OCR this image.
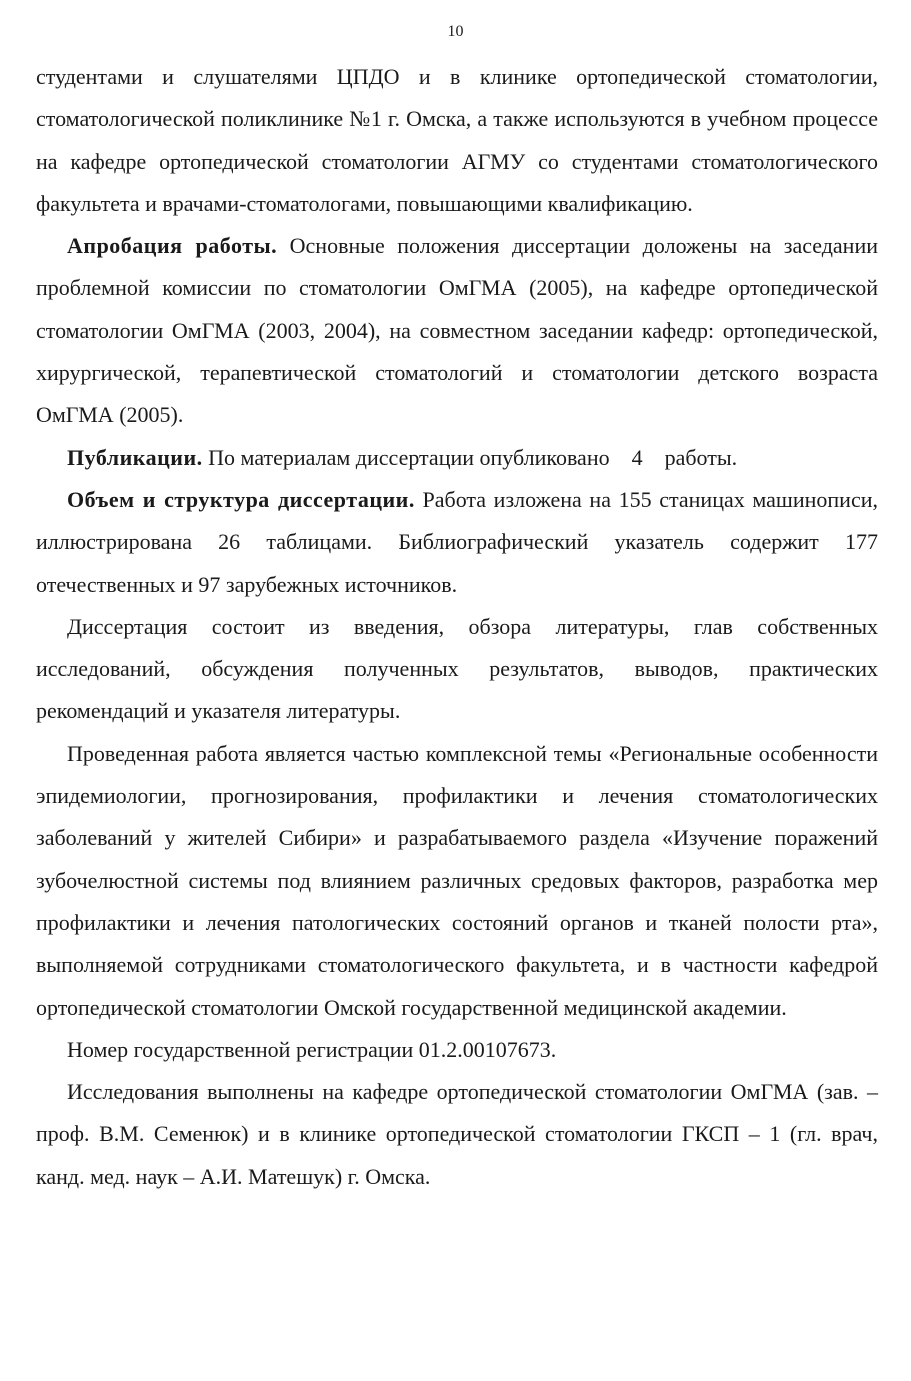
10

студентами и слушателями ЦПДО и в клинике ортопедической стоматологии, стоматологической поликлинике №1 г. Омска, а также используются в учебном процессе на кафедре ортопедической стоматологии АГМУ со студентами стоматологического факультета и врачами-стоматологами, повышающими квалификацию.

Апробация работы. Основные положения диссертации доложены на заседании проблемной комиссии по стоматологии ОмГМА (2005), на кафедре ортопедической стоматологии ОмГМА (2003, 2004), на совместном заседании кафедр: ортопедической, хирургической, терапевтической стоматологий и стоматологии детского возраста ОмГМА (2005).

Публикации. По материалам диссертации опубликовано    4    работы.

Объем и структура диссертации. Работа изложена на 155 станицах машинописи, иллюстрирована 26 таблицами. Библиографический указатель содержит 177 отечественных и 97 зарубежных источников.

Диссертация состоит из введения, обзора литературы, глав собственных исследований, обсуждения полученных результатов, выводов, практических рекомендаций и указателя литературы.

Проведенная работа является частью комплексной темы «Региональные особенности эпидемиологии, прогнозирования, профилактики и лечения стоматологических заболеваний у жителей Сибири» и разрабатываемого раздела «Изучение поражений зубочелюстной системы под влиянием различных средовых факторов, разработка мер профилактики и лечения патологических состояний органов и тканей полости рта», выполняемой сотрудниками стоматологического факультета, и в частности кафедрой ортопедической стоматологии Омской государственной медицинской академии.

Номер государственной регистрации 01.2.00107673.

Исследования выполнены на кафедре ортопедической стоматологии ОмГМА (зав. – проф. В.М. Семенюк) и в клинике ортопедической стоматологии ГКСП – 1 (гл. врач, канд. мед. наук – А.И. Матешук) г. Омска.
